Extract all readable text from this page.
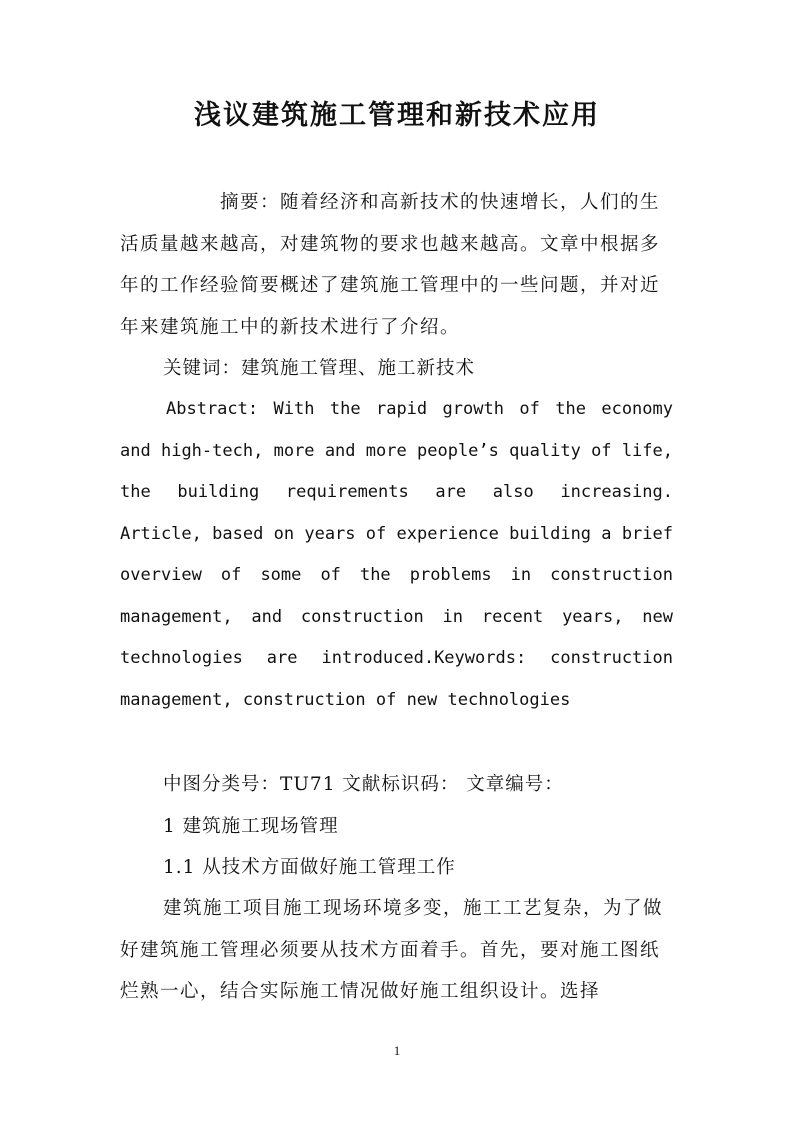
浅议建筑施工管理和新技术应用
摘要：随着经济和高新技术的快速增长，人们的生活质量越来越高，对建筑物的要求也越来越高。文章中根据多年的工作经验简要概述了建筑施工管理中的一些问题，并对近年来建筑施工中的新技术进行了介绍。
关键词：建筑施工管理、施工新技术
Abstract: With the rapid growth of the economy and high-tech, more and more people’s quality of life, the building requirements are also increasing. Article, based on years of experience building a brief overview of some of the problems in construction management, and construction in recent years, new technologies are introduced.Keywords: construction management, construction of new technologies
中图分类号：TU71 文献标识码： 文章编号：
1 建筑施工现场管理
1.1 从技术方面做好施工管理工作
建筑施工项目施工现场环境多变，施工工艺复杂，为了做好建筑施工管理必须要从技术方面着手。首先，要对施工图纸烂熟一心，结合实际施工情况做好施工组织设计。选择
1
